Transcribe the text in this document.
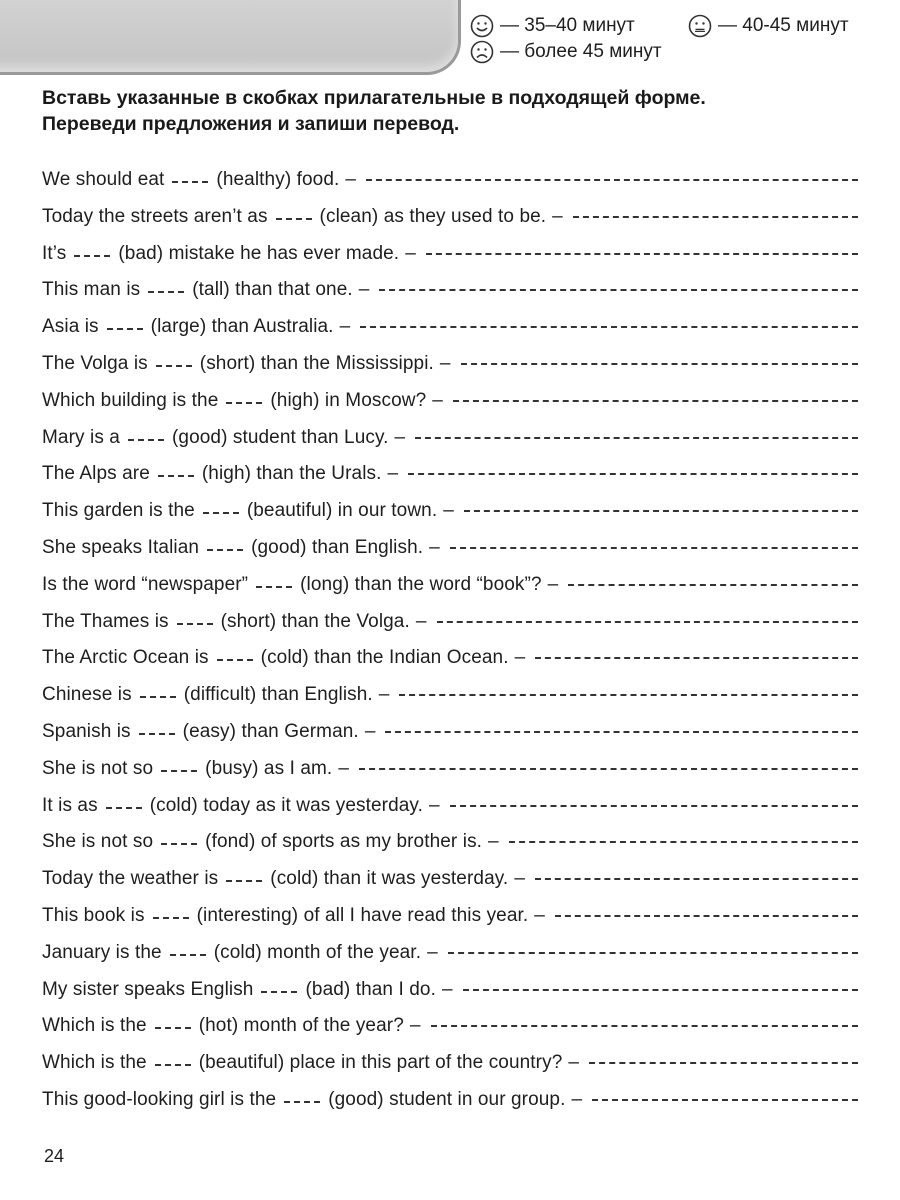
— 35–40 минут	— 40-45 минут
— более 45 минут
Вставь указанные в скобках прилагательные в подходящей форме.
Переведи предложения и запиши перевод.
We should eat	(healthy) food. –
Today the streets aren’t as	(clean) as they used to be. –
It’s	(bad) mistake he has ever made. –
This man is	(tall) than that one. –
Asia is	(large) than Australia. –
The Volga is	(short) than the Mississippi. –
Which building is the	(high) in Moscow? –
Mary is a	(good) student than Lucy. –
The Alps are	(high) than the Urals. –
This garden is the	(beautiful) in our town. –
She speaks Italian	(good) than English. –
Is the word “newspaper”	(long) than the word “book”? –
The Thames is	(short) than the Volga. –
The Arctic Ocean is	(cold) than the Indian Ocean. –
Chinese is	(difficult) than English. –
Spanish is	(easy) than German. –
She is not so	(busy) as I am. –
It is as	(cold) today as it was yesterday. –
She is not so	(fond) of sports as my brother is. –
Today the weather is	(cold) than it was yesterday. –
This book is	(interesting) of all I have read this year. –
January is the	(cold) month of the year. –
My sister speaks English	(bad) than I do. –
Which is the	(hot) month of the year? –
Which is the	(beautiful) place in this part of the country? –
This good-looking girl is the	(good) student in our group. –
24
